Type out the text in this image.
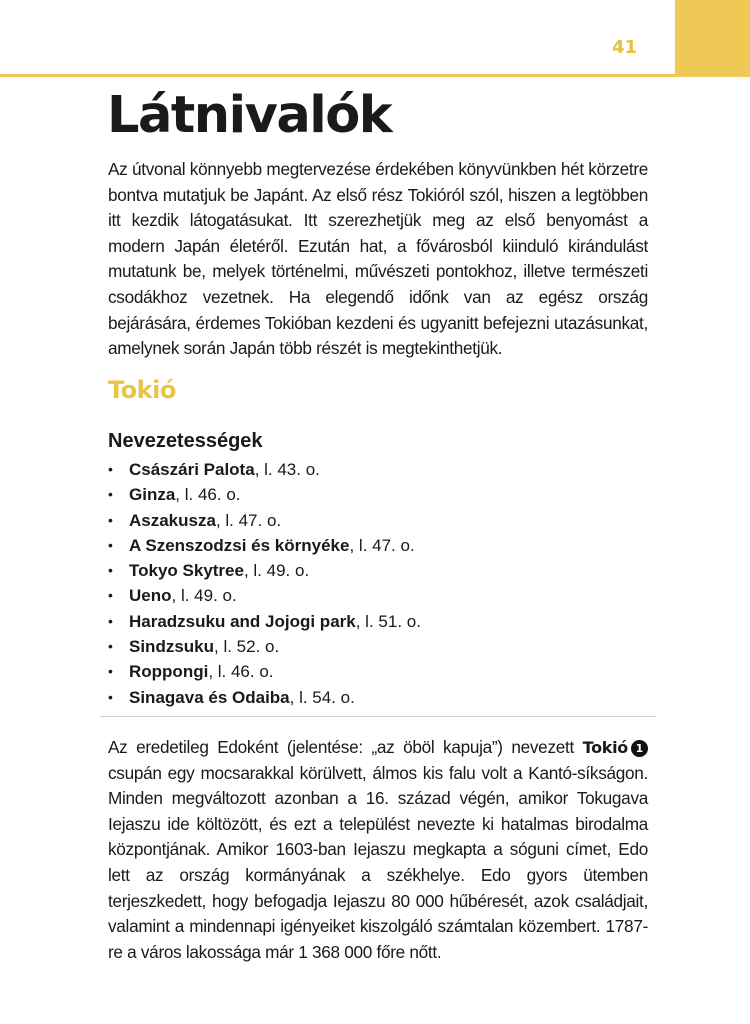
41
Látnivalók

Az útvonal könnyebb megtervezése érdekében könyvünkben hét körzetre bontva mutatjuk be Japánt. Az első rész Tokióról szól, hiszen a legtöbben itt kezdik látogatásukat. Itt szerezhetjük meg az első benyomást a modern Japán életéről. Ezután hat, a fővárosból kiinduló kirándulást mutatunk be, melyek történelmi, művészeti pontokhoz, illetve természeti csodákhoz vezetnek. Ha elegendő időnk van az egész ország bejárására, érdemes Tokióban kezdeni és ugyanitt befejezni utazásunkat, amelynek során Japán több részét is megtekinthetjük.

Tokió
Nevezetességek
• Császári Palota, l. 43. o.
• Ginza, l. 46. o.
• Aszakusza, l. 47. o.
• A Szenszodzsi és környéke, l. 47. o.
• Tokyo Skytree, l. 49. o.
• Ueno, l. 49. o.
• Haradzsuku and Jojogi park, l. 51. o.
• Sindzsuku, l. 52. o.
• Roppongi, l. 46. o.
• Sinagava és Odaiba, l. 54. o.

Az eredetileg Edoként (jelentése: „az öböl kapuja”) nevezett Tokió 1 csupán egy mocsarakkal körülvett, álmos kis falu volt a Kantó-síkságon. Minden megváltozott azonban a 16. század végén, amikor Tokugava Iejaszu ide költözött, és ezt a települést nevezte ki hatalmas birodalma központjának. Amikor 1603-ban Iejaszu megkapta a sóguni címet, Edo lett az ország kormányának a székhelye. Edo gyors ütemben terjeszkedett, hogy befogadja Iejaszu 80 000 hűbéresét, azok családjait, valamint a mindennapi igényeiket kiszolgáló számtalan közembert. 1787-re a város lakossága már 1 368 000 főre nőtt.
